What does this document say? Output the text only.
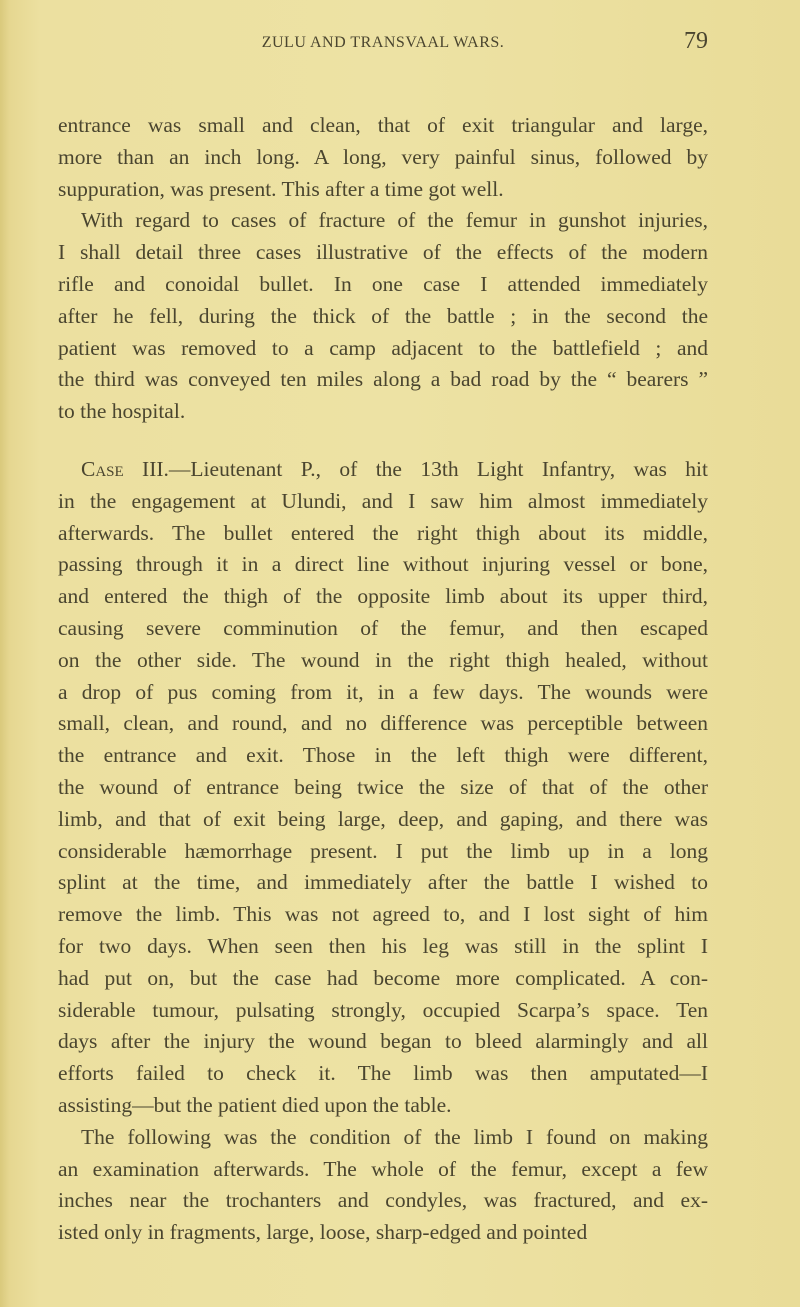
ZULU AND TRANSVAAL WARS.	79
entrance was small and clean, that of exit triangular and large,
more than an inch long. A long, very painful sinus, followed by
suppuration, was present. This after a time got well.
With regard to cases of fracture of the femur in gunshot injuries,
I shall detail three cases illustrative of the effects of the modern
rifle and conoidal bullet. In one case I attended immediately
after he fell, during the thick of the battle ; in the second the
patient was removed to a camp adjacent to the battlefield ; and
the third was conveyed ten miles along a bad road by the “ bearers ”
to the hospital.
Case III.—Lieutenant P., of the 13th Light Infantry, was hit
in the engagement at Ulundi, and I saw him almost immediately
afterwards. The bullet entered the right thigh about its middle,
passing through it in a direct line without injuring vessel or bone,
and entered the thigh of the opposite limb about its upper third,
causing severe comminution of the femur, and then escaped
on the other side. The wound in the right thigh healed, without
a drop of pus coming from it, in a few days. The wounds were
small, clean, and round, and no difference was perceptible between
the entrance and exit. Those in the left thigh were different,
the wound of entrance being twice the size of that of the other
limb, and that of exit being large, deep, and gaping, and there was
considerable hæmorrhage present. I put the limb up in a long
splint at the time, and immediately after the battle I wished to
remove the limb. This was not agreed to, and I lost sight of him
for two days. When seen then his leg was still in the splint I
had put on, but the case had become more complicated. A con-
siderable tumour, pulsating strongly, occupied Scarpa’s space. Ten
days after the injury the wound began to bleed alarmingly and all
efforts failed to check it. The limb was then amputated—I
assisting—but the patient died upon the table.
The following was the condition of the limb I found on making
an examination afterwards. The whole of the femur, except a few
inches near the trochanters and condyles, was fractured, and ex-
isted only in fragments, large, loose, sharp-edged and pointed
